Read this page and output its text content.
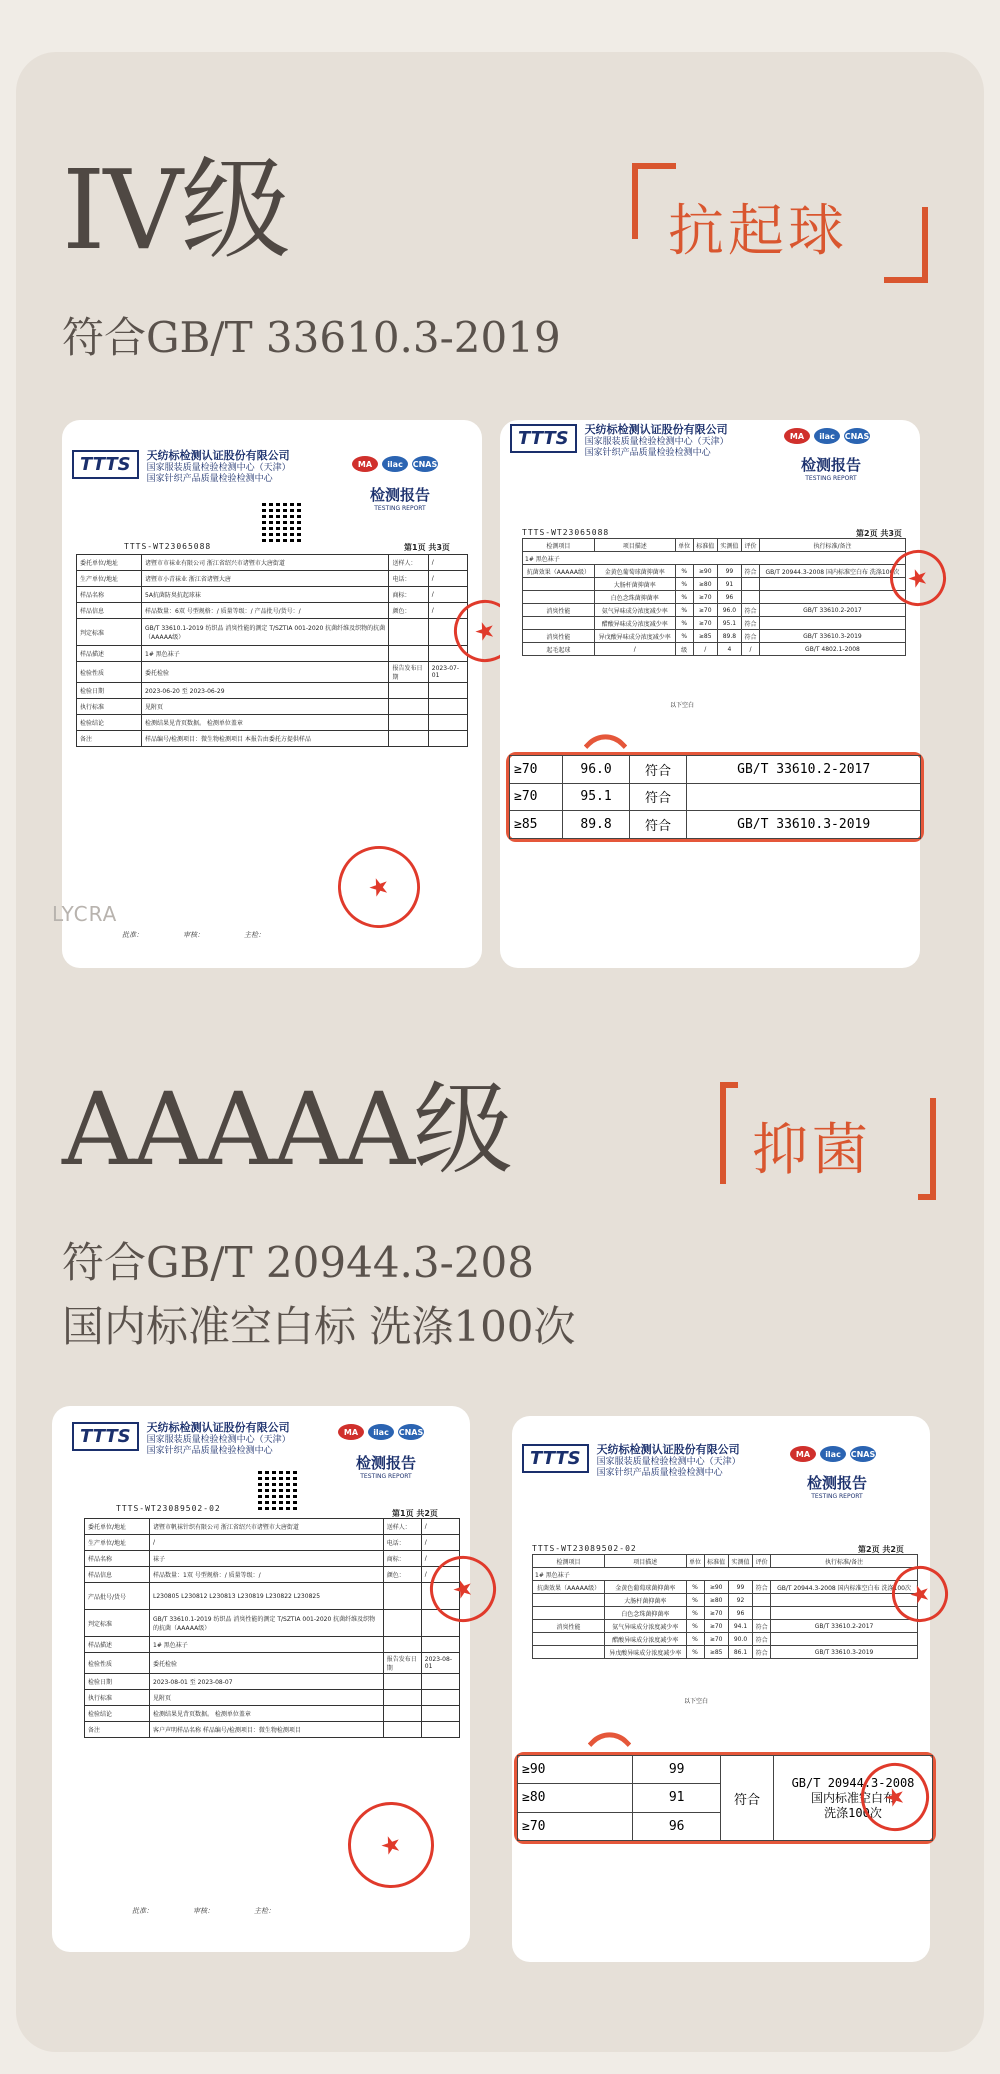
IV级	抗起球
符合GB/T 33610.3-2019
TTTS	天纺标检测认证股份有限公司
国家服装质量检验检测中心（天津）
国家针织产品质量检验检测中心
MA	ilac	CNAS
检测报告
TESTING REPORT
TTTS-WT23065088	第1页 共3页
委托单位/地址	诸暨市市袜业有限公司 浙江省绍兴市诸暨市大唐街道	送样人：	/
生产单位/地址	诸暨市小青袜业 浙江省诸暨大唐	电话：	/
样品名称	5A抗菌防臭抗起球袜	商标：	/
样品信息	样品数量：6双 号型规格：/ 质量等级：/ 产品批号/货号：/	颜色：	/
判定标准	GB/T 33610.1-2019 纺织品 消臭性能的测定 T/SZTIA 001-2020 抗菌纤维及织物的抗菌（AAAAA级）		
样品描述	1# 黑色袜子		
检验性质	委托检验	报告发布日期	2023-07-01
检验日期	2023-06-20 至 2023-06-29		
执行标准	见附页		
检验结论	检测结果见背页数据。 检测单位盖章		
备注	样品编号/检测项目：微生物检测项目 本报告由委托方提供样品		
★
★
批准：	审核：	主检：
LYCRA
TTTS	天纺标检测认证股份有限公司
国家服装质量检验检测中心（天津）
国家针织产品质量检验检测中心
MA	ilac	CNAS
检测报告
TESTING REPORT
TTTS-WT23065088	第2页 共3页
检测项目	项目描述	单位	标准值	实测值	评价	执行标准/备注
1# 黑色袜子						
抗菌效果（AAAAA级）	金黄色葡萄球菌抑菌率	%	≥90	99	符合	GB/T 20944.3-2008 国内标准空白布 洗涤100次
	大肠杆菌抑菌率	%	≥80	91		
	白色念珠菌抑菌率	%	≥70	96		
消臭性能	氨气异味成分浓度减少率	%	≥70	96.0	符合	GB/T 33610.2-2017
	醋酸异味成分浓度减少率	%	≥70	95.1	符合	
消臭性能	异戊酸异味成分浓度减少率	%	≥85	89.8	符合	GB/T 33610.3-2019
起毛起球	/	级	/	4	/	GB/T 4802.1-2008
以下空白
★
≥70	96.0	符合	GB/T 33610.2-2017
≥70	95.1	符合	
≥85	89.8	符合	GB/T 33610.3-2019
AAAAA级	抑菌
符合GB/T 20944.3-208
国内标准空白标 洗涤100次
TTTS	天纺标检测认证股份有限公司
国家服装质量检验检测中心（天津）
国家针织产品质量检验检测中心
MA	ilac	CNAS
检测报告
TESTING REPORT
TTTS-WT23089502-02
第1页 共2页
委托单位/地址	诸暨市帆袜针织有限公司 浙江省绍兴市诸暨市大唐街道	送样人：	/
生产单位/地址	/	电话：	/
样品名称	袜子	商标：	/
样品信息	样品数量：1双 号型规格：/ 质量等级：/	颜色：	/
产品批号/货号	L230805 L230812 L230813 L230819 L230822 L230825		
判定标准	GB/T 33610.1-2019 纺织品 消臭性能的测定 T/SZTIA 001-2020 抗菌纤维及织物的抗菌（AAAAA级）		
样品描述	1# 黑色袜子		
检验性质	委托检验	报告发布日期	2023-08-01
检验日期	2023-08-01 至 2023-08-07		
执行标准	见附页		
检验结论	检测结果见背页数据。 检测单位盖章		
备注	客户声明样品名称 样品编号/检测项目：微生物检测项目		
★
★
批准：	审核：	主检：
TTTS	天纺标检测认证股份有限公司
国家服装质量检验检测中心（天津）
国家针织产品质量检验检测中心
MA	ilac	CNAS
检测报告
TESTING REPORT
TTTS-WT23089502-02	第2页 共2页
检测项目	项目描述	单位	标准值	实测值	评价	执行标准/备注
1# 黑色袜子						
抗菌效果（AAAAA级）	金黄色葡萄球菌抑菌率	%	≥90	99	符合	GB/T 20944.3-2008 国内标准空白布 洗涤100次
	大肠杆菌抑菌率	%	≥80	92		
	白色念珠菌抑菌率	%	≥70	96		
消臭性能	氨气异味成分浓度减少率	%	≥70	94.1	符合	GB/T 33610.2-2017
	醋酸异味成分浓度减少率	%	≥70	90.0	符合	
	异戊酸异味成分浓度减少率	%	≥85	86.1	符合	GB/T 33610.3-2019
以下空白
★
≥90	99	符合	GB/T 20944.3-2008
国内标准空白布
洗涤100次
≥80	91		
≥70	96		
★
